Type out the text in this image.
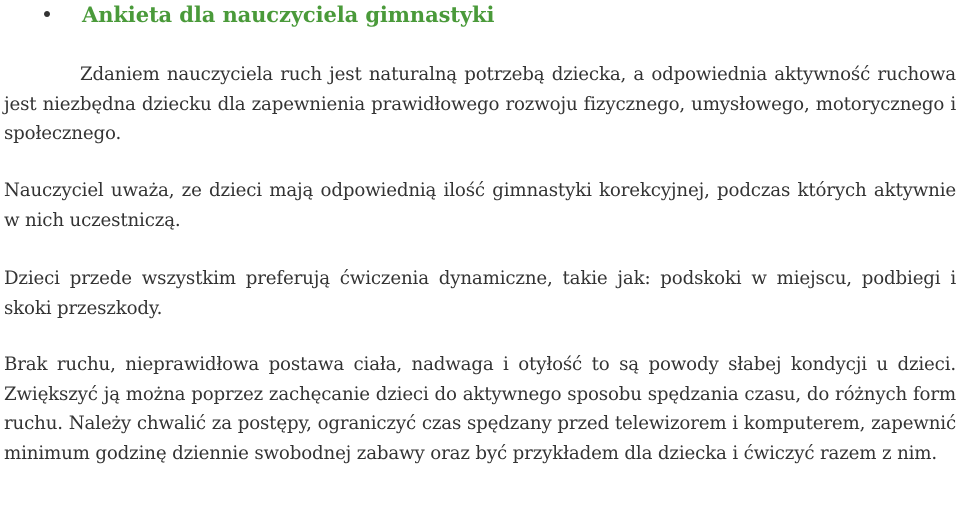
Ankieta dla nauczyciela gimnastyki

Zdaniem nauczyciela ruch jest naturalną potrzebą dziecka, a odpowiednia aktywność ruchowa jest niezbędna dziecku dla zapewnienia prawidłowego rozwoju fizycznego, umysłowego, motorycznego i społecznego.

Nauczyciel uważa, ze dzieci mają odpowiednią ilość gimnastyki korekcyjnej, podczas których aktywnie w nich uczestniczą.

Dzieci przede wszystkim preferują ćwiczenia dynamiczne, takie jak: podskoki w miejscu, podbiegi i skoki przeszkody.

Brak ruchu, nieprawidłowa postawa ciała, nadwaga i otyłość to są powody słabej kondycji u dzieci. Zwiększyć ją można poprzez zachęcanie dzieci do aktywnego sposobu spędzania czasu, do różnych form ruchu. Należy chwalić za postępy, ograniczyć czas spędzany przed telewizorem i komputerem, zapewnić minimum godzinę dziennie swobodnej zabawy oraz być przykładem dla dziecka i ćwiczyć razem z nim.
